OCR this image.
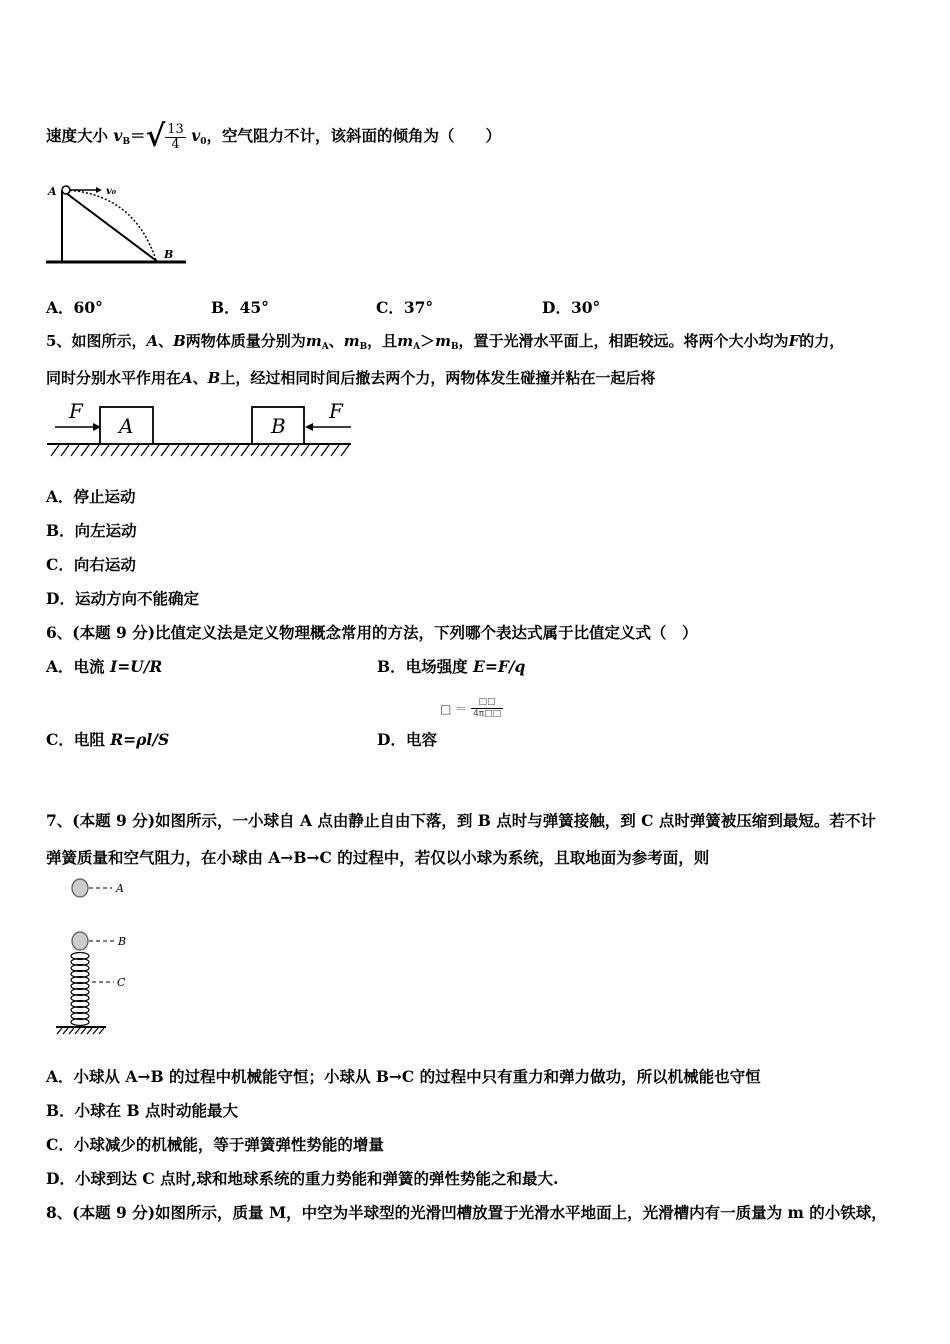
速度大小 $v_B=√ \frac{13}{4} v_0$，空气阻力不计，该斜面的倾角为（　　）
A	v₀
B
A．60°	B．45°	C．37°	D．30°
5、如图所示，A、B两物体质量分别为$m_A$、$m_B$，且$m_A>m_B$，置于光滑水平面上，相距较远。将两个大小均为F的力，
同时分别水平作用在A、B上，经过相同时间后撤去两个力，两物体发生碰撞并粘在一起后将
F
A	B
F
A．停止运动
B．向左运动
C．向右运动
D．运动方向不能确定
6、(本题 9 分)比值定义法是定义物理概念常用的方法，下列哪个表达式属于比值定义式（　）
A．电流 I=U/R	B．电场强度 E=F/q
C．电阻 R=ρl/S	D．电容
□ ＝ $\frac{□□}{4\pi□□}$
7、(本题 9 分)如图所示，一小球自 A 点由静止自由下落，到 B 点时与弹簧接触，到 C 点时弹簧被压缩到最短。若不计
弹簧质量和空气阻力，在小球由 A→B→C 的过程中，若仅以小球为系统，且取地面为参考面，则
A
B
C
A．小球从 A→B 的过程中机械能守恒；小球从 B→C 的过程中只有重力和弹力做功，所以机械能也守恒
B．小球在 B 点时动能最大
C．小球减少的机械能，等于弹簧弹性势能的增量
D．小球到达 C 点时,球和地球系统的重力势能和弹簧的弹性势能之和最大.
8、(本题 9 分)如图所示，质量 M，中空为半球型的光滑凹槽放置于光滑水平地面上，光滑槽内有一质量为 m 的小铁球，
